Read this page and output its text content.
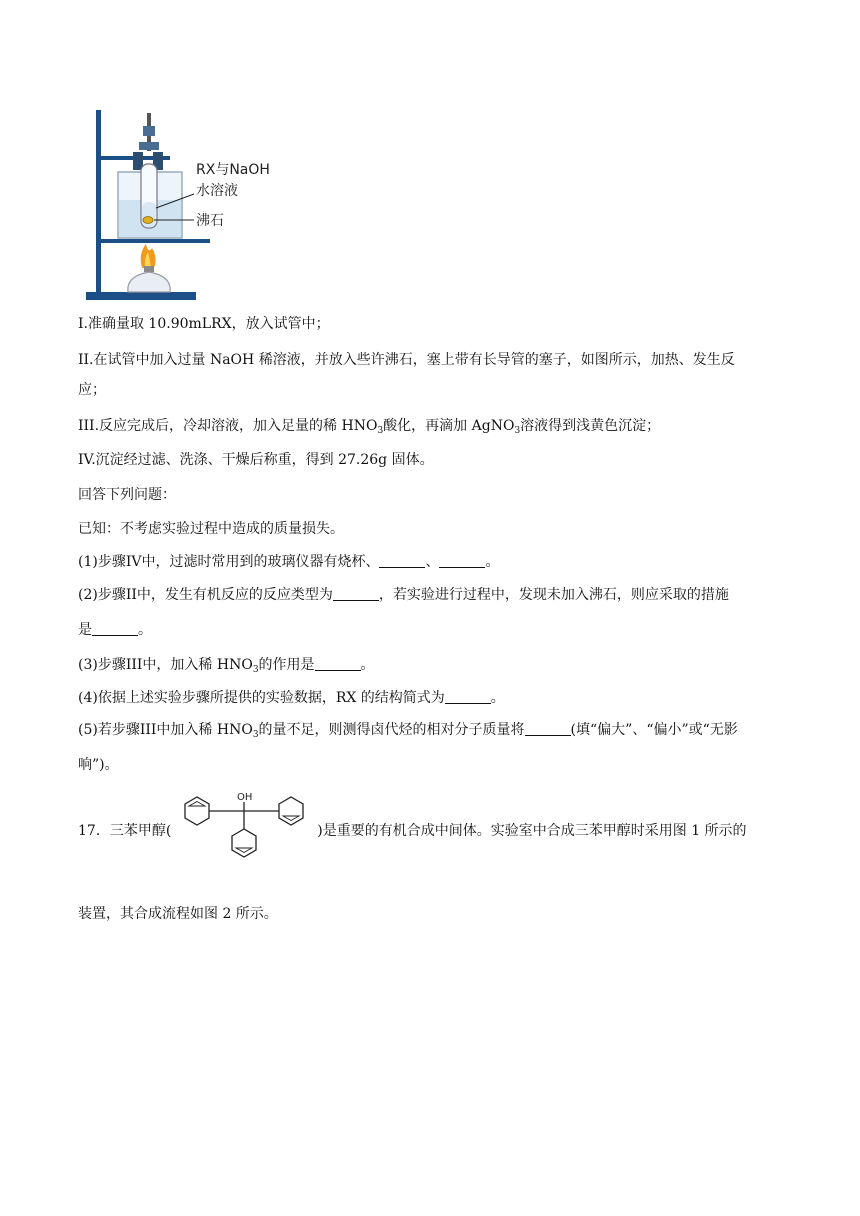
RX与NaOH
水溶液
沸石
I.准确量取 10.90mLRX，放入试管中；
II.在试管中加入过量 NaOH 稀溶液，并放入些许沸石，塞上带有长导管的塞子，如图所示，加热、发生反
应；
III.反应完成后，冷却溶液，加入足量的稀 $HNO_3$酸化，再滴加 AgNO$_3$溶液得到浅黄色沉淀；
IV.沉淀经过滤、洗涤、干燥后称重，得到 27.26g 固体。
回答下列问题：
已知：不考虑实验过程中造成的质量损失。
(1)步骤IV中，过滤时常用到的玻璃仪器有烧杯、	、	。
(2)步骤II中，发生有机反应的反应类型为	，若实验进行过程中，发现未加入沸石，则应采取的措施
是	。
(3)步骤III中，加入稀 $HNO_3$的作用是	。
(4)依据上述实验步骤所提供的实验数据，RX 的结构简式为	。
(5)若步骤III中加入稀 $HNO_3$的量不足，则测得卤代烃的相对分子质量将	(填“偏大”、“偏小”或“无影
响”)。
17．三苯甲醇(
OH
)是重要的有机合成中间体。实验室中合成三苯甲醇时采用图 1 所示的
装置，其合成流程如图 2 所示。
